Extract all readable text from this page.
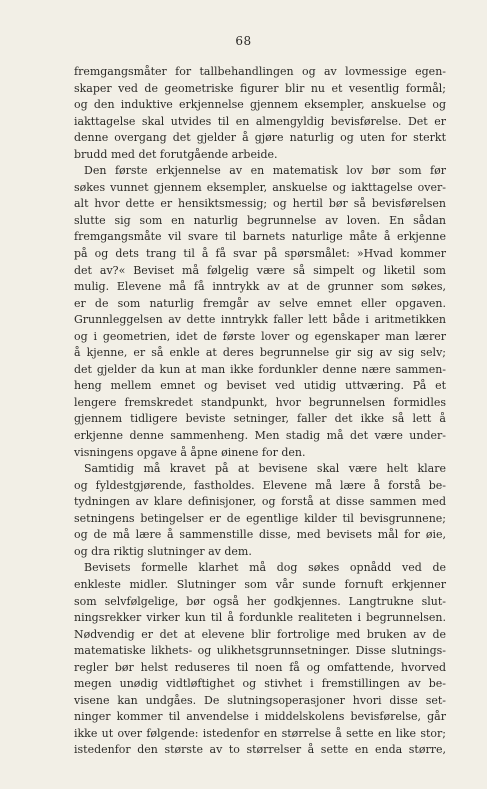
68
fremgangsmåter for tallbehandlingen og av lovmessige egen-
skaper ved de geometriske figurer blir nu et vesentlig formål;
og den induktive erkjennelse gjennem eksempler, anskuelse og
iakttagelse skal utvides til en almengyldig bevisførelse. Det er
denne overgang det gjelder å gjøre naturlig og uten for sterkt
brudd med det forutgående arbeide.
Den første erkjennelse av en matematisk lov bør som før
søkes vunnet gjennem eksempler, anskuelse og iakttagelse over-
alt hvor dette er hensiktsmessig; og hertil bør så bevisførelsen
slutte sig som en naturlig begrunnelse av loven. En sådan
fremgangsmåte vil svare til barnets naturlige måte å erkjenne
på og dets trang til å få svar på spørsmålet: »Hvad kommer
det av?« Beviset må følgelig være så simpelt og liketil som
mulig. Elevene må få inntrykk av at de grunner som søkes,
er de som naturlig fremgår av selve emnet eller opgaven.
Grunnleggelsen av dette inntrykk faller lett både i aritmetikken
og i geometrien, idet de første lover og egenskaper man lærer
å kjenne, er så enkle at deres begrunnelse gir sig av sig selv;
det gjelder da kun at man ikke fordunkler denne nære sammen-
heng mellem emnet og beviset ved utidig uttværing. På et
lengere fremskredet standpunkt, hvor begrunnelsen formidles
gjennem tidligere beviste setninger, faller det ikke så lett å
erkjenne denne sammenheng. Men stadig må det være under-
visningens opgave å åpne øinene for den.
Samtidig må kravet på at bevisene skal være helt klare
og fyldestgjørende, fastholdes. Elevene må lære å forstå be-
tydningen av klare definisjoner, og forstå at disse sammen med
setningens betingelser er de egentlige kilder til bevisgrunnene;
og de må lære å sammenstille disse, med bevisets mål for øie,
og dra riktig slutninger av dem.
Bevisets formelle klarhet må dog søkes opnådd ved de
enkleste midler. Slutninger som vår sunde fornuft erkjenner
som selvfølgelige, bør også her godkjennes. Langtrukne slut-
ningsrekker virker kun til å fordunkle realiteten i begrunnelsen.
Nødvendig er det at elevene blir fortrolige med bruken av de
matematiske likhets- og ulikhetsgrunnsetninger. Disse slutnings-
regler bør helst reduseres til noen få og omfattende, hvorved
megen unødig vidtløftighet og stivhet i fremstillingen av be-
visene kan undgåes. De slutningsoperasjoner hvori disse set-
ninger kommer til anvendelse i middelskolens bevisførelse, går
ikke ut over følgende: istedenfor en størrelse å sette en like stor;
istedenfor den største av to størrelser å sette en enda større,
